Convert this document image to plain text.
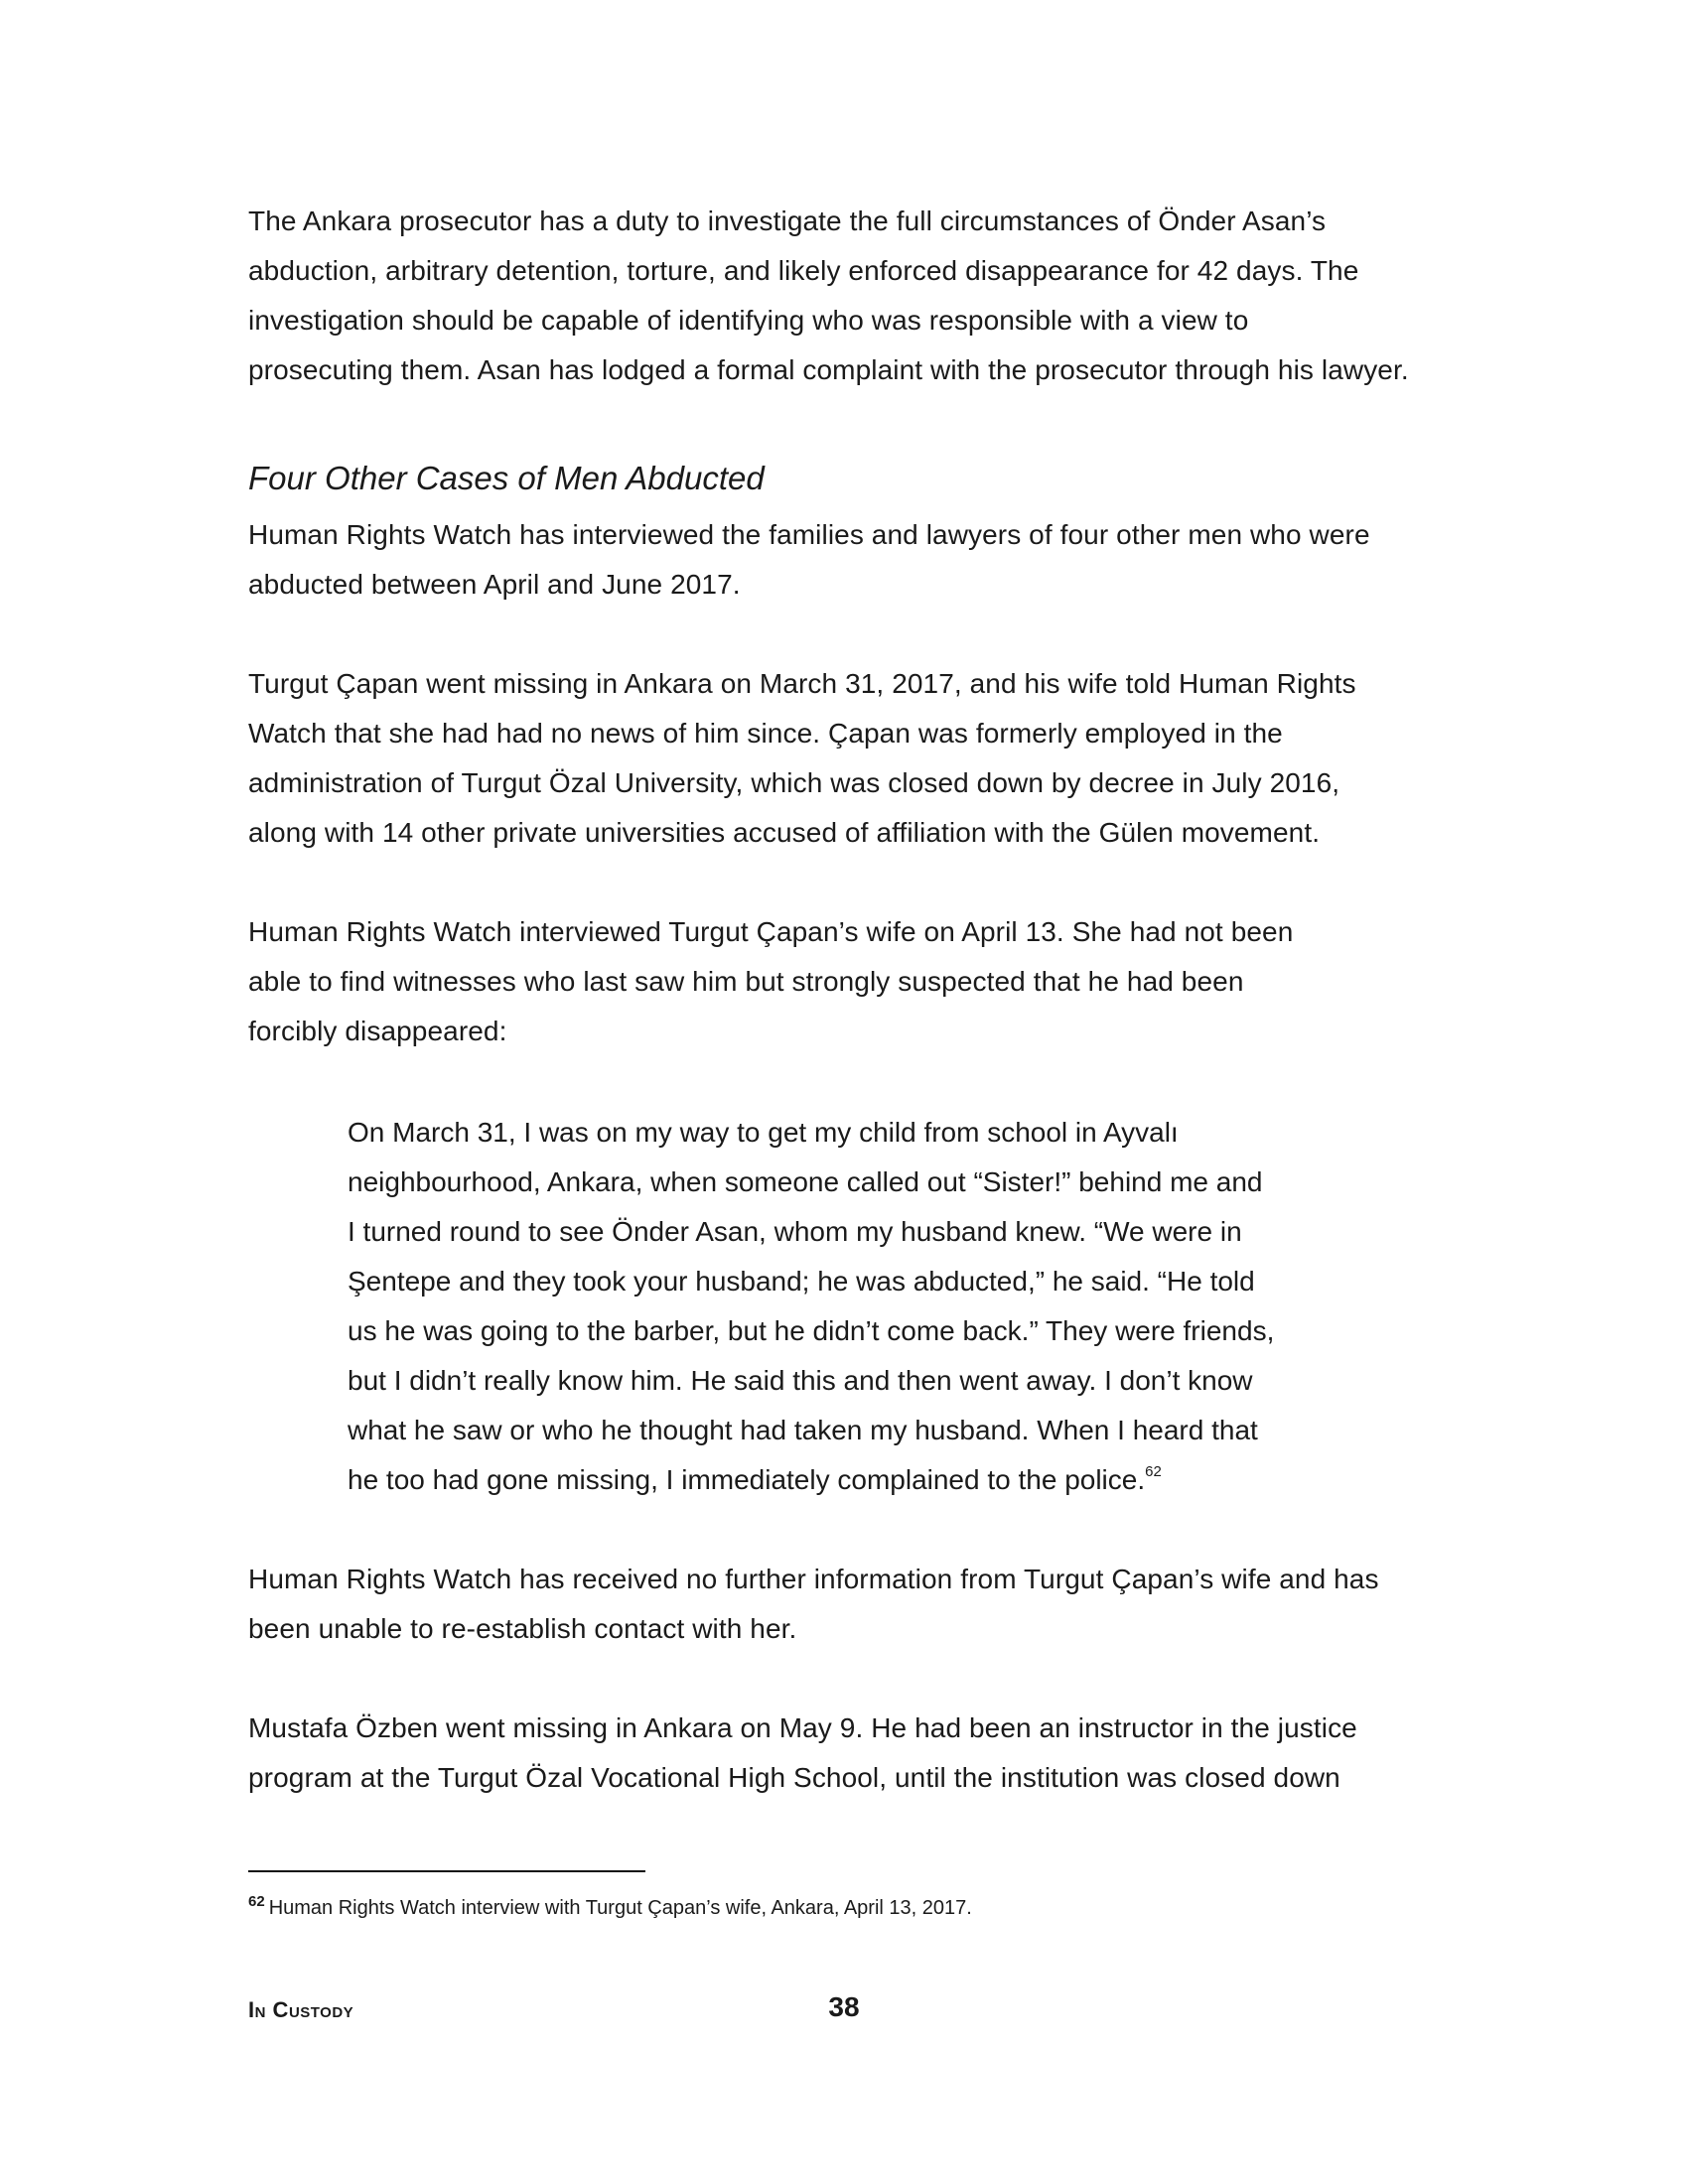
The Ankara prosecutor has a duty to investigate the full circumstances of Önder Asan’s
abduction, arbitrary detention, torture, and likely enforced disappearance for 42 days. The
investigation should be capable of identifying who was responsible with a view to
prosecuting them. Asan has lodged a formal complaint with the prosecutor through his lawyer.

Four Other Cases of Men Abducted

Human Rights Watch has interviewed the families and lawyers of four other men who were
abducted between April and June 2017.

Turgut Çapan went missing in Ankara on March 31, 2017, and his wife told Human Rights
Watch that she had had no news of him since. Çapan was formerly employed in the
administration of Turgut Özal University, which was closed down by decree in July 2016,
along with 14 other private universities accused of affiliation with the Gülen movement.

Human Rights Watch interviewed Turgut Çapan’s wife on April 13. She had not been
able to find witnesses who last saw him but strongly suspected that he had been
forcibly disappeared:

On March 31, I was on my way to get my child from school in Ayvalı
neighbourhood, Ankara, when someone called out “Sister!” behind me and
I turned round to see Önder Asan, whom my husband knew. “We were in
Şentepe and they took your husband; he was abducted,” he said. “He told
us he was going to the barber, but he didn’t come back.” They were friends,
but I didn’t really know him. He said this and then went away. I don’t know
what he saw or who he thought had taken my husband. When I heard that
he too had gone missing, I immediately complained to the police.$^{62}$

Human Rights Watch has received no further information from Turgut Çapan’s wife and has
been unable to re-establish contact with her.

Mustafa Özben went missing in Ankara on May 9. He had been an instructor in the justice
program at the Turgut Özal Vocational High School, until the institution was closed down

$^{62}$ Human Rights Watch interview with Turgut Çapan’s wife, Ankara, April 13, 2017.

In Custody	38
